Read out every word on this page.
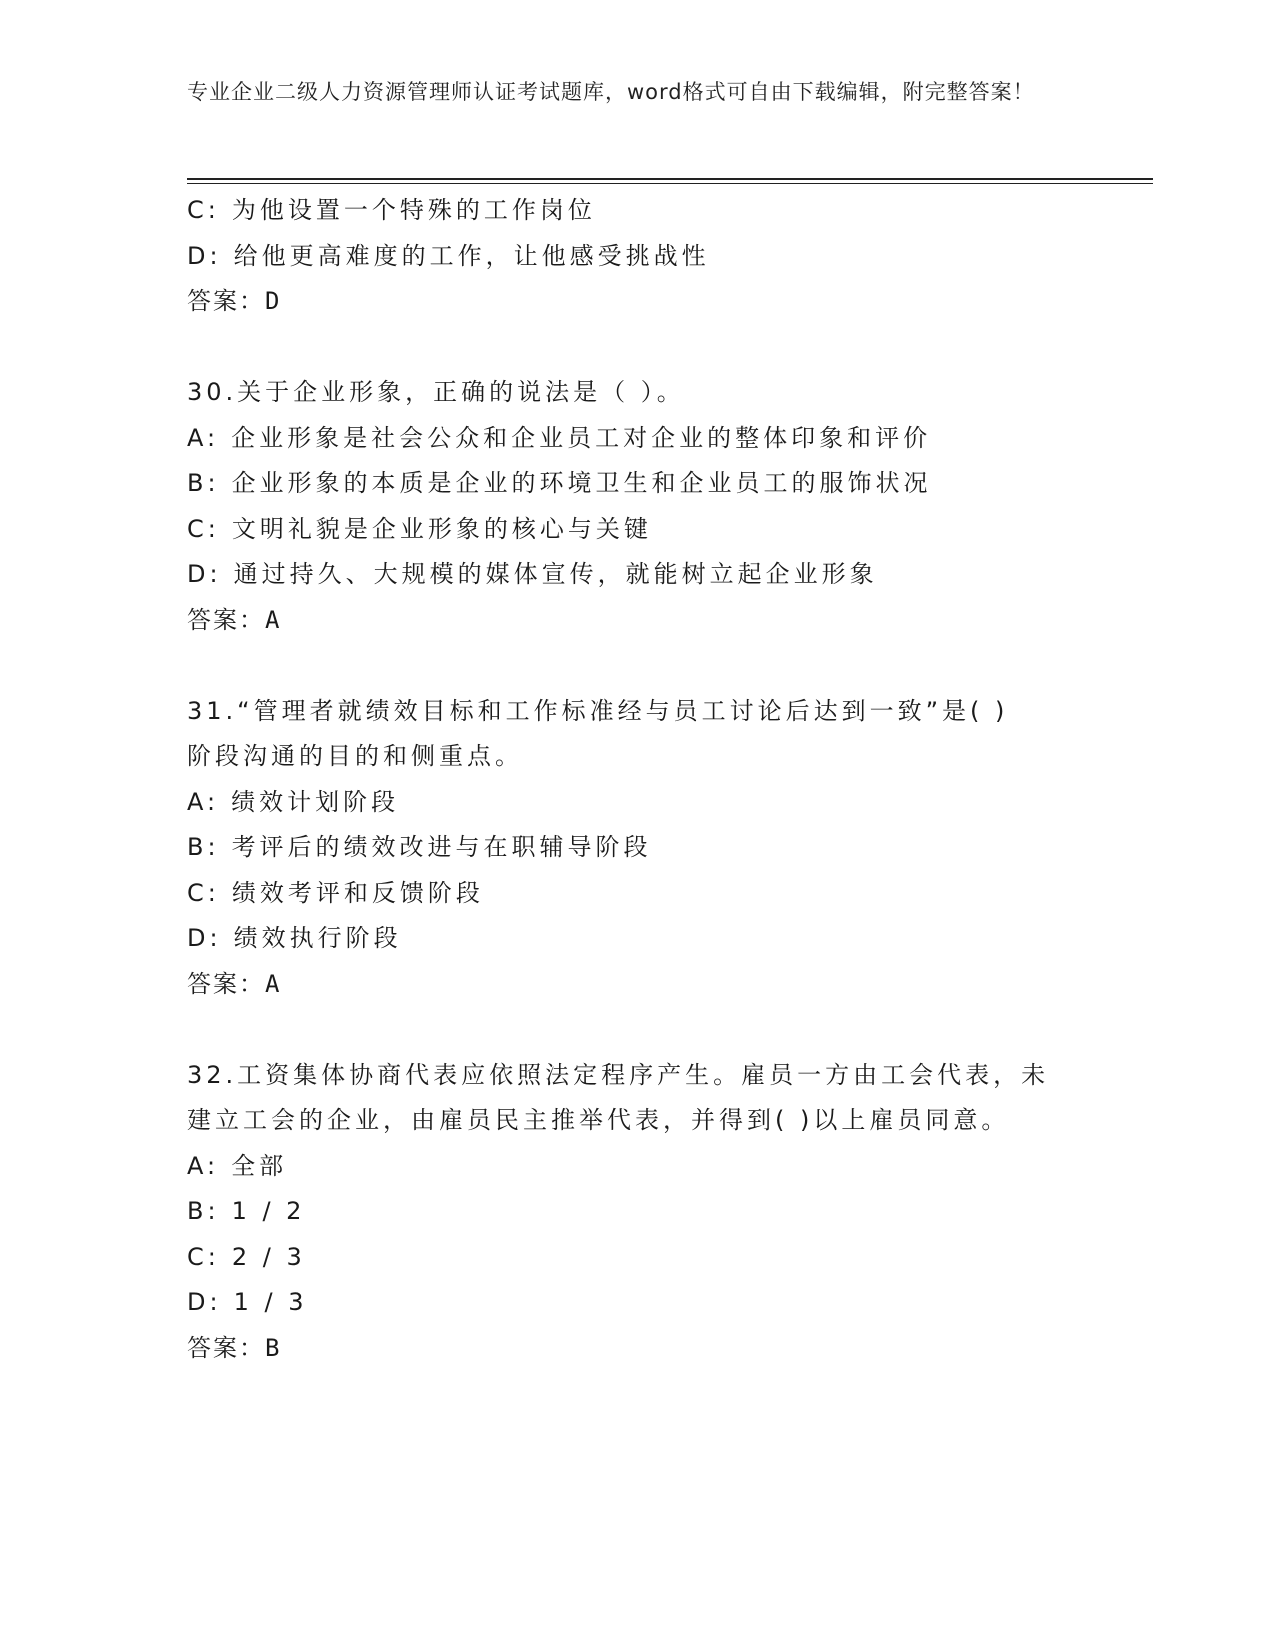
专业企业二级人力资源管理师认证考试题库，word格式可自由下载编辑，附完整答案！
C: 为他设置一个特殊的工作岗位
D: 给他更高难度的工作，让他感受挑战性
答案：D
30.关于企业形象，正确的说法是（ ）。
A: 企业形象是社会公众和企业员工对企业的整体印象和评价
B: 企业形象的本质是企业的环境卫生和企业员工的服饰状况
C: 文明礼貌是企业形象的核心与关键
D: 通过持久、大规模的媒体宣传，就能树立起企业形象
答案：A
31.“管理者就绩效目标和工作标准经与员工讨论后达到一致”是( )
阶段沟通的目的和侧重点。
A: 绩效计划阶段
B: 考评后的绩效改进与在职辅导阶段
C: 绩效考评和反馈阶段
D: 绩效执行阶段
答案：A
32.工资集体协商代表应依照法定程序产生。雇员一方由工会代表，未
建立工会的企业，由雇员民主推举代表，并得到( )以上雇员同意。
A: 全部
B: 1 / 2
C: 2 / 3
D: 1 / 3
答案：B
